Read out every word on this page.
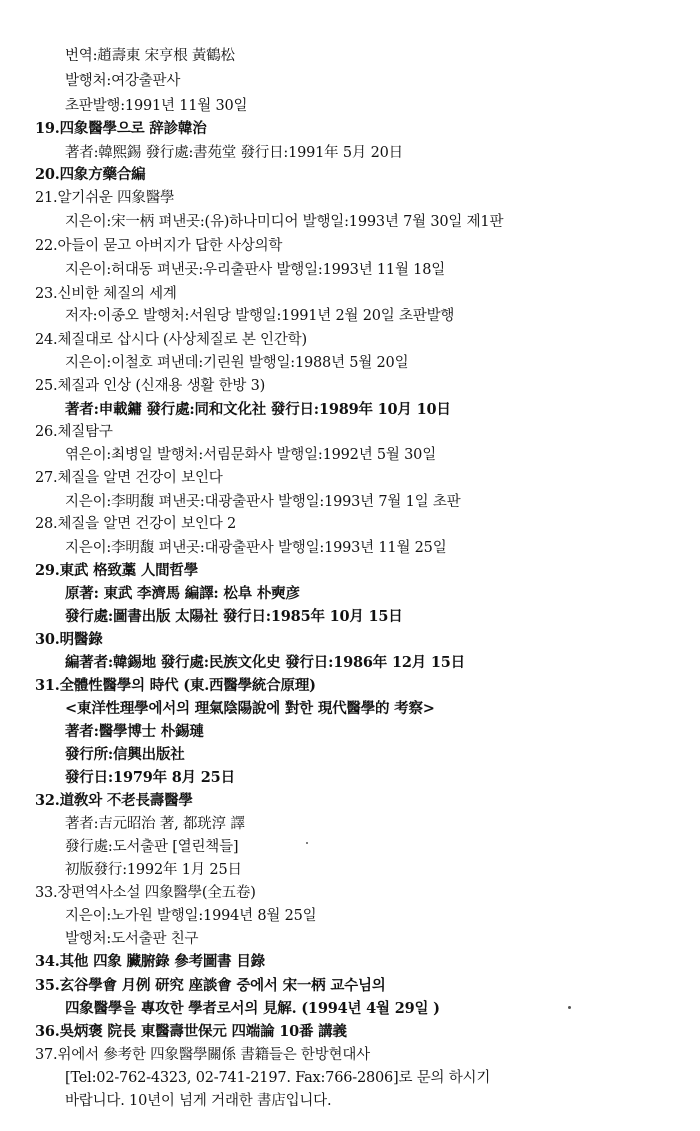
번역:趙壽東 宋亨根 黃鶴松
발행처:여강출판사
초판발행:1991년 11월 30일
19.四象醫學으로 辞診韓治
著者:韓熙錫 發行處:書苑堂 發行日:1991年 5月 20日
20.四象方藥合編
21.알기쉬운 四象醫學
지은이:宋一柄 펴낸곳:(유)하나미디어 발행일:1993년 7월 30일 제1판
22.아들이 묻고 아버지가 답한 사상의학
지은이:허대동 펴낸곳:우리출판사 발행일:1993년 11월 18일
23.신비한 체질의 세계
저자:이종오 발행처:서원당 발행일:1991년 2월 20일 초판발행
24.체질대로 삽시다 (사상체질로 본 인간학)
지은이:이철호 펴낸데:기린원 발행일:1988년 5월 20일
25.체질과 인상 (신재용 생활 한방 3)
著者:申載鏞 發行處:同和文化社 發行日:1989年 10月 10日
26.체질탐구
엮은이:최병일 발행처:서림문화사 발행일:1992년 5월 30일
27.체질을 알면 건강이 보인다
지은이:李明馥 펴낸곳:대광출판사 발행일:1993년 7월 1일 초판
28.체질을 알면 건강이 보인다 2
지은이:李明馥 펴낸곳:대광출판사 발행일:1993년 11월 25일
29.東武 格致藁 人間哲學
原著: 東武 李濟馬 編譯: 松阜 朴奭彦
發行處:圖書出版 太陽社 發行日:1985年 10月 15日
30.明醫錄
編著者:韓錫地 發行處:民族文化史 發行日:1986年 12月 15日
31.全體性醫學의 時代 (東.西醫學統合原理)
<東洋性理學에서의 理氣陰陽說에 對한 現代醫學的 考察>
著者:醫學博士 朴錫璉
發行所:信興出版社
發行日:1979年 8月 25日
32.道敎와 不老長壽醫學
著者:吉元昭治 著, 都珖淳 譯
發行處:도서출판 [열린책들]
初版發行:1992年 1月 25日
33.장편역사소설 四象醫學(全五卷)
지은이:노가원 발행일:1994년 8월 25일
발행처:도서출판 친구
34.其他 四象 臟腑錄 參考圖書 目錄
35.玄谷學會 月例 研究 座談會 중에서 宋一柄 교수님의
四象醫學을 專攻한 學者로서의 見解. (1994년 4월 29일 )
36.吳炳褒 院長 東醫壽世保元 四端論 10番 講義
37.위에서 參考한 四象醫學關係 書籍들은 한방현대사
[Tel:02-762-4323, 02-741-2197. Fax:766-2806]로 문의 하시기
바랍니다. 10년이 넘게 거래한 書店입니다.
